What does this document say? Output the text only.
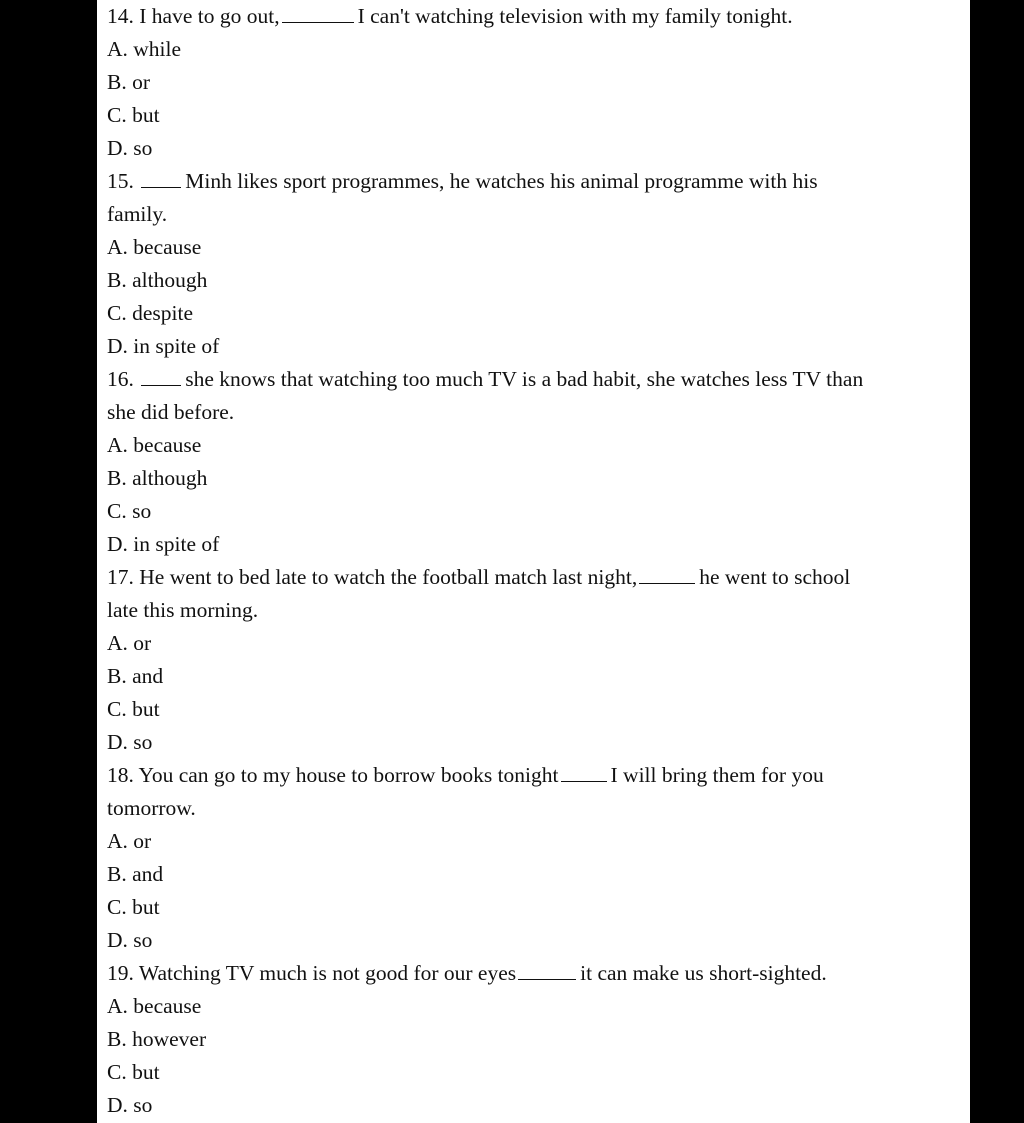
14. I have to go out,	I can't watching television with my family tonight.
A. while
B. or
C. but
D. so
15. Minh likes sport programmes, he watches his animal programme with his
family.
A. because
B. although
C. despite
D. in spite of
16. she knows that watching too much TV is a bad habit, she watches less TV than
she did before.
A. because
B. although
C. so
D. in spite of
17. He went to bed late to watch the football match last night,	he went to school
late this morning.
A. or
B. and
C. but
D. so
18. You can go to my house to borrow books tonight I will bring them for you
tomorrow.
A. or
B. and
C. but
D. so
19. Watching TV much is not good for our eyes	it can make us short-sighted.
A. because
B. however
C. but
D. so
